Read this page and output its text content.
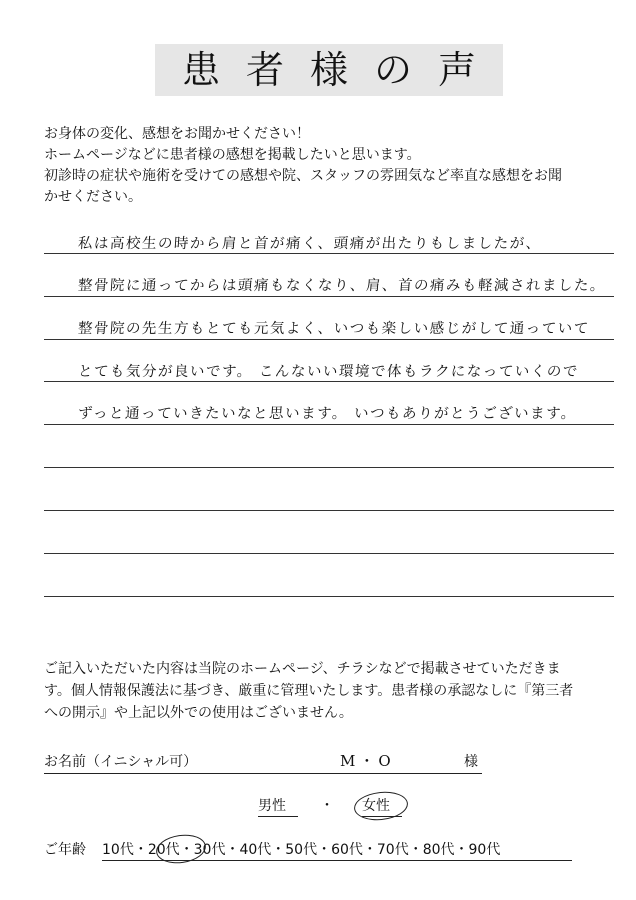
患者様の声
お身体の変化、感想をお聞かせください！
ホームページなどに患者様の感想を掲載したいと思います。
初診時の症状や施術を受けての感想や院、スタッフの雰囲気など率直な感想をお聞
かせください。
私は高校生の時から肩と首が痛く、頭痛が出たりもしましたが、
整骨院に通ってからは頭痛もなくなり、肩、首の痛みも軽減されました。
整骨院の先生方もとても元気よく、いつも楽しい感じがして通っていて
とても気分が良いです。 こんないい環境で体もラクになっていくので
ずっと通っていきたいなと思います。 いつもありがとうございます。
ご記入いただいた内容は当院のホームページ、チラシなどで掲載させていただきま
す。個人情報保護法に基づき、厳重に管理いたします。患者様の承認なしに『第三者
への開示』や上記以外での使用はございません。
お名前（イニシャル可）	M・O	様
男性 ・ 女性
ご年齢 10代・20代・30代・40代・50代・60代・70代・80代・90代
